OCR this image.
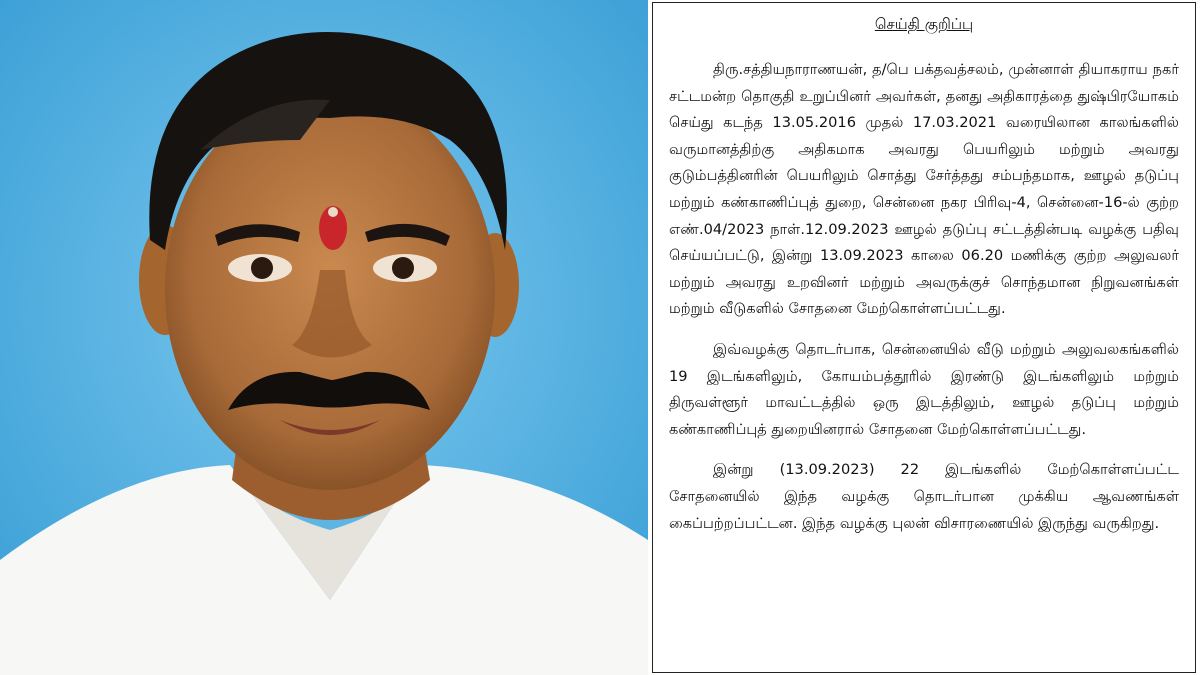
செய்தி குறிப்பு

திரு.சத்தியநாராணயன், த/பெ பக்தவத்சலம், முன்னாள் தியாகராய நகர் சட்டமன்ற தொகுதி உறுப்பினர் அவர்கள், தனது அதிகாரத்தை துஷ்பிரயோகம் செய்து கடந்த 13.05.2016 முதல் 17.03.2021 வரையிலான காலங்களில் வருமானத்திற்கு அதிகமாக அவரது பெயரிலும் மற்றும் அவரது குடும்பத்தினரின் பெயரிலும் சொத்து சேர்த்தது சம்பந்தமாக, ஊழல் தடுப்பு மற்றும் கண்காணிப்புத் துறை, சென்னை நகர பிரிவு-4, சென்னை-16-ல் குற்ற எண்.04/2023 நாள்.12.09.2023 ஊழல் தடுப்பு சட்டத்தின்படி வழக்கு பதிவு செய்யப்பட்டு, இன்று 13.09.2023 காலை 06.20 மணிக்கு குற்ற அலுவலர் மற்றும் அவரது உறவினர் மற்றும் அவருக்குச் சொந்தமான நிறுவனங்கள் மற்றும் வீடுகளில் சோதனை மேற்கொள்ளப்பட்டது.

இவ்வழக்கு தொடர்பாக, சென்னையில் வீடு மற்றும் அலுவலகங்களில் 19 இடங்களிலும், கோயம்பத்தூரில் இரண்டு இடங்களிலும் மற்றும் திருவள்ளூர் மாவட்டத்தில் ஒரு இடத்திலும், ஊழல் தடுப்பு மற்றும் கண்காணிப்புத் துறையினரால் சோதனை மேற்கொள்ளப்பட்டது.

இன்று (13.09.2023) 22 இடங்களில் மேற்கொள்ளப்பட்ட சோதனையில் இந்த வழக்கு தொடர்பான முக்கிய ஆவணங்கள் கைப்பற்றப்பட்டன. இந்த வழக்கு புலன் விசாரணையில் இருந்து வருகிறது.
